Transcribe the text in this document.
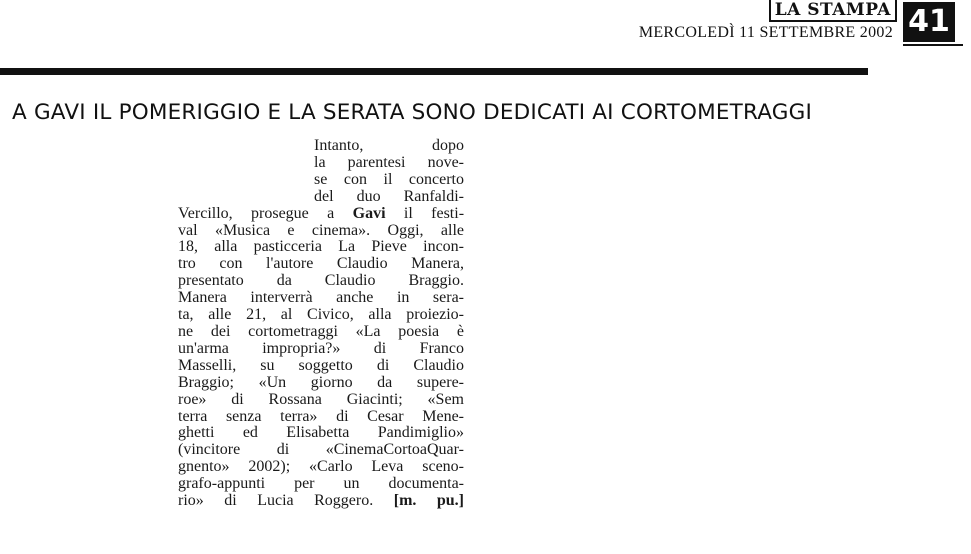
LA STAMPA
MERCOLEDÌ 11 SETTEMBRE 2002 41
A GAVI IL POMERIGGIO E LA SERATA SONO DEDICATI AI CORTOMETRAGGI
Intanto, dopo
la parentesi nove-
se con il concerto
del duo Ranfaldi-
Vercillo, prosegue a Gavi il festi-
val «Musica e cinema». Oggi, alle
18, alla pasticceria La Pieve incon-
tro con l'autore Claudio Manera,
presentato da Claudio Braggio.
Manera interverrà anche in sera-
ta, alle 21, al Civico, alla proiezio-
ne dei cortometraggi «La poesia è
un'arma impropria?» di Franco
Masselli, su soggetto di Claudio
Braggio; «Un giorno da supere-
roe» di Rossana Giacinti; «Sem
terra senza terra» di Cesar Mene-
ghetti ed Elisabetta Pandimiglio»
(vincitore di «CinemaCortoaQuar-
gnento» 2002); «Carlo Leva sceno-
grafo-appunti per un documenta-
rio» di Lucia Roggero. [m. pu.]
